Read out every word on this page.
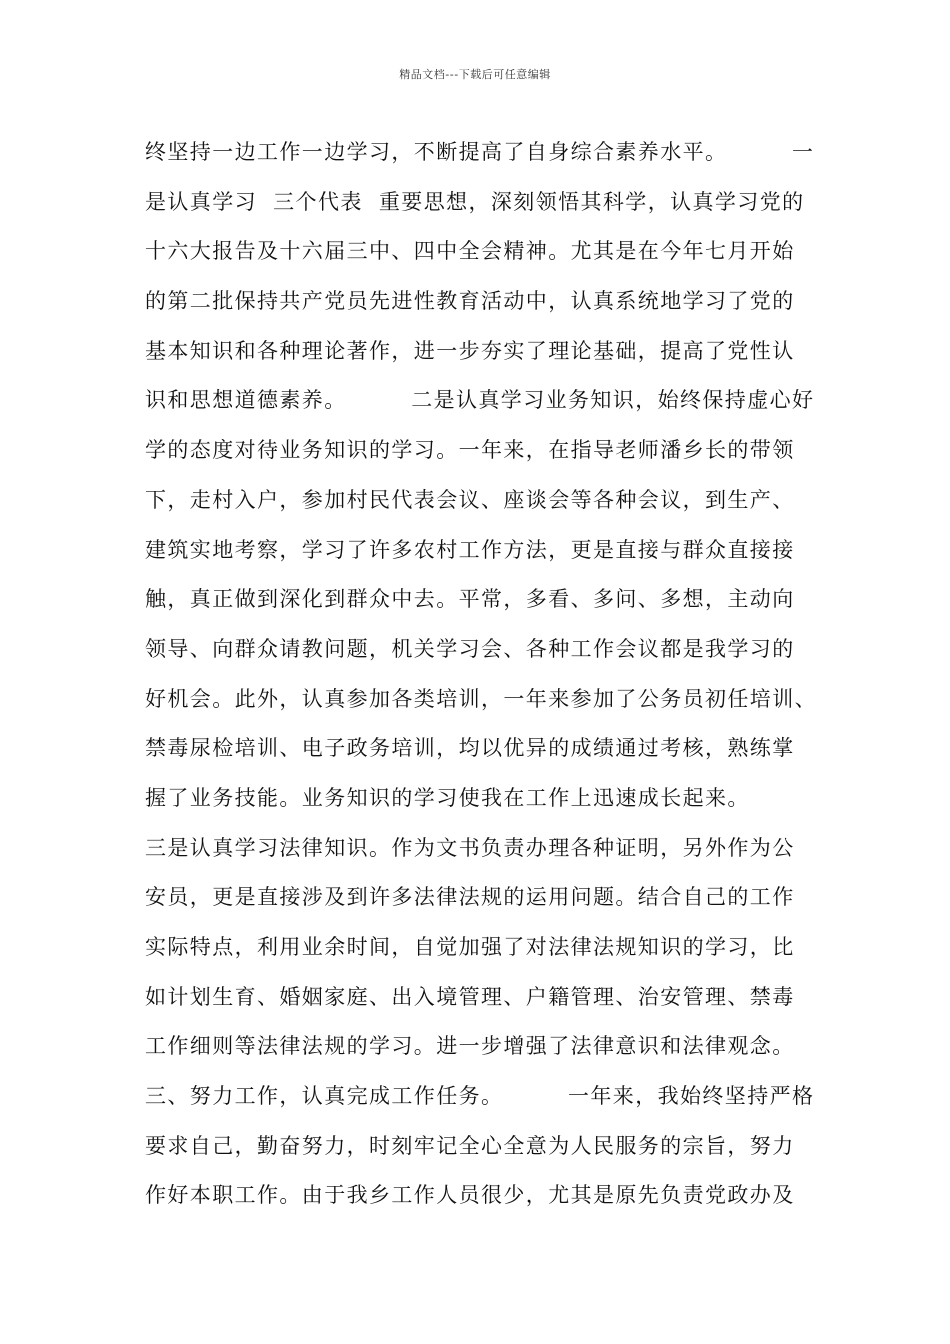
精品文档---下载后可任意编辑
终坚持一边工作一边学习，不断提高了自身综合素养水平。        一
是认真学习  三个代表  重要思想，深刻领悟其科学，认真学习党的
十六大报告及十六届三中、四中全会精神。尤其是在今年七月开始
的第二批保持共产党员先进性教育活动中，认真系统地学习了党的
基本知识和各种理论著作，进一步夯实了理论基础，提高了党性认
识和思想道德素养。        二是认真学习业务知识，始终保持虚心好
学的态度对待业务知识的学习。一年来，在指导老师潘乡长的带领
下，走村入户，参加村民代表会议、座谈会等各种会议，到生产、
建筑实地考察，学习了许多农村工作方法，更是直接与群众直接接
触，真正做到深化到群众中去。平常，多看、多问、多想，主动向
领导、向群众请教问题，机关学习会、各种工作会议都是我学习的
好机会。此外，认真参加各类培训，一年来参加了公务员初任培训、
禁毒尿检培训、电子政务培训，均以优异的成绩通过考核，熟练掌
握了业务技能。业务知识的学习使我在工作上迅速成长起来。
三是认真学习法律知识。作为文书负责办理各种证明，另外作为公
安员，更是直接涉及到许多法律法规的运用问题。结合自己的工作
实际特点，利用业余时间，自觉加强了对法律法规知识的学习，比
如计划生育、婚姻家庭、出入境管理、户籍管理、治安管理、禁毒
工作细则等法律法规的学习。进一步增强了法律意识和法律观念。
三、努力工作，认真完成工作任务。        一年来，我始终坚持严格
要求自己，勤奋努力，时刻牢记全心全意为人民服务的宗旨，努力
作好本职工作。由于我乡工作人员很少，尤其是原先负责党政办及
